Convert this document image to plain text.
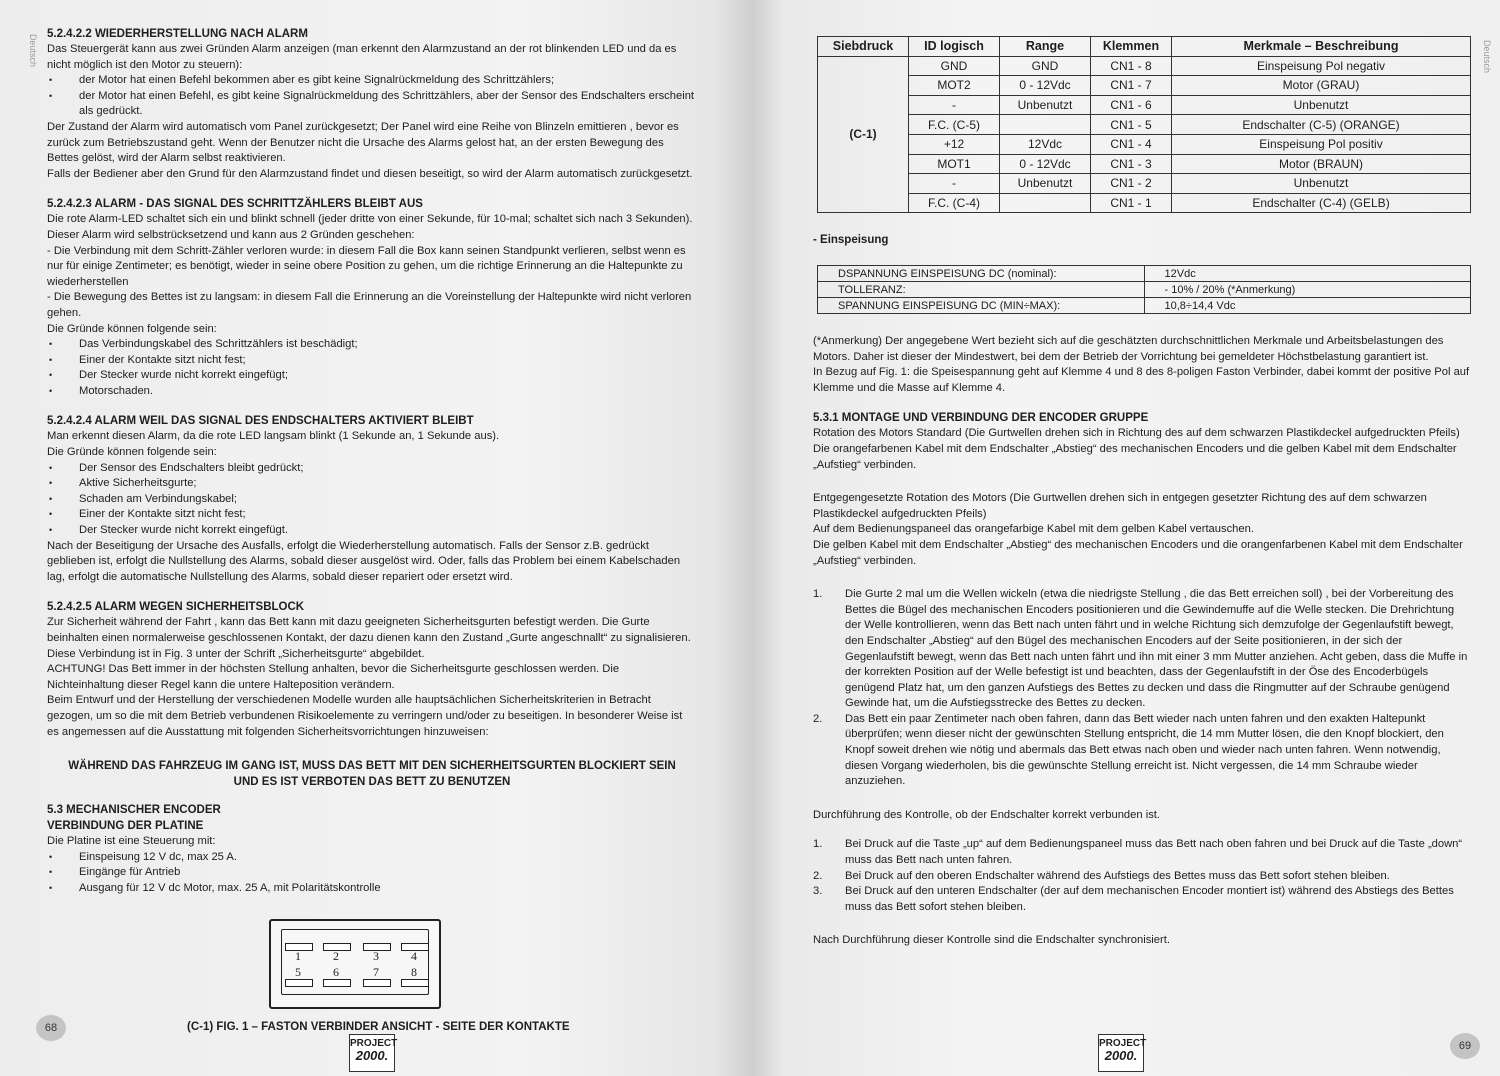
Deutsch 5.2.4.2.2 WIEDERHERSTELLUNG NACH ALARM

Das Steuergerät kann aus zwei Gründen Alarm anzeigen (man erkennt den Alarmzustand an der rot blinkenden LED und da es nicht möglich ist den Motor zu steuern):

• der Motor hat einen Befehl bekommen aber es gibt keine Signalrückmeldung des Schrittzählers;
• der Motor hat einen Befehl, es gibt keine Signalrückmeldung des Schrittzählers, aber der Sensor des Endschalters erscheint als gedrückt.

Der Zustand der Alarm wird automatisch vom Panel zurückgesetzt; Der Panel wird eine Reihe von Blinzeln emittieren , bevor es zurück zum Betriebszustand geht. Wenn der Benutzer nicht die Ursache des Alarms gelost hat, an der ersten Bewegung des Bettes gelöst, wird der Alarm selbst reaktivieren.

Falls der Bediener aber den Grund für den Alarmzustand findet und diesen beseitigt, so wird der Alarm automatisch zurückgesetzt.

5.2.4.2.3 ALARM - DAS SIGNAL DES SCHRITTZÄHLERS BLEIBT AUS

Die rote Alarm-LED schaltet sich ein und blinkt schnell (jeder dritte von einer Sekunde, für 10-mal; schaltet sich nach 3 Sekunden).

Dieser Alarm wird selbstrücksetzend und kann aus 2 Gründen geschehen:

- Die Verbindung mit dem Schritt-Zähler verloren wurde: in diesem Fall die Box kann seinen Standpunkt verlieren, selbst wenn es nur für einige Zentimeter; es benötigt, wieder in seine obere Position zu gehen, um die richtige Erinnerung an die Haltepunkte zu wiederherstellen

- Die Bewegung des Bettes ist zu langsam: in diesem Fall die Erinnerung an die Voreinstellung der Haltepunkte wird nicht verloren gehen.

Die Gründe können folgende sein:

• Das Verbindungskabel des Schrittzählers ist beschädigt;
• Einer der Kontakte sitzt nicht fest;
• Der Stecker wurde nicht korrekt eingefügt;
• Motorschaden.
5.2.4.2.4 ALARM WEIL DAS SIGNAL DES ENDSCHALTERS AKTIVIERT BLEIBT

Man erkennt diesen Alarm, da die rote LED langsam blinkt (1 Sekunde an, 1 Sekunde aus).

Die Gründe können folgende sein:

• Der Sensor des Endschalters bleibt gedrückt;
• Aktive Sicherheitsgurte;
• Schaden am Verbindungskabel;
• Einer der Kontakte sitzt nicht fest;
• Der Stecker wurde nicht korrekt eingefügt.

Nach der Beseitigung der Ursache des Ausfalls, erfolgt die Wiederherstellung automatisch. Falls der Sensor z.B. gedrückt geblieben ist, erfolgt die Nullstellung des Alarms, sobald dieser ausgelöst wird. Oder, falls das Problem bei einem Kabelschaden lag, erfolgt die automatische Nullstellung des Alarms, sobald dieser repariert oder ersetzt wird.

5.2.4.2.5 ALARM WEGEN SICHERHEITSBLOCK

Zur Sicherheit während der Fahrt , kann das Bett kann mit dazu geeigneten Sicherheitsgurten befestigt werden. Die Gurte beinhalten einen normalerweise geschlossenen Kontakt, der dazu dienen kann den Zustand „Gurte angeschnallt“ zu signalisieren. Diese Verbindung ist in Fig. 3 unter der Schrift „Sicherheitsgurte“ abgebildet.

ACHTUNG! Das Bett immer in der höchsten Stellung anhalten, bevor die Sicherheitsgurte geschlossen werden. Die Nichteinhaltung dieser Regel kann die untere Halteposition verändern.

Beim Entwurf und der Herstellung der verschiedenen Modelle wurden alle hauptsächlichen Sicherheitskriterien in Betracht gezogen, um so die mit dem Betrieb verbundenen Risikoelemente zu verringern und/oder zu beseitigen. In besonderer Weise ist es angemessen auf die Ausstattung mit folgenden Sicherheitsvorrichtungen hinzuweisen:

WÄHREND DAS FAHRZEUG IM GANG IST, MUSS DAS BETT MIT DEN SICHERHEITSGURTEN BLOCKIERT SEIN
UND ES IST VERBOTEN DAS BETT ZU BENUTZEN
5.3 MECHANISCHER ENCODER
VERBINDUNG DER PLATINE

Die Platine ist eine Steuerung mit:

• Einspeisung 12 V dc, max 25 A.
• Eingänge für Antrieb
• Ausgang für 12 V dc Motor, max. 25 A, mit Polaritätskontrolle
1	2	3	4
5	6	7	8
(C-1) FIG. 1 – FASTON VERBINDER ANSICHT - SEITE DER KONTAKTE
68
PROJECT
2000.
Deutsch
69
PROJECT
2000.
Siebdruck	ID logisch	Range	Klemmen	Merkmale – Beschreibung
(C-1)	GND	GND	CN1 - 8	Einspeisung Pol negativ
	MOT2	0 - 12Vdc	CN1 - 7	Motor (GRAU)
	-	Unbenutzt	CN1 - 6	Unbenutzt
	F.C. (C-5)		CN1 - 5	Endschalter (C-5) (ORANGE)
	+12	12Vdc	CN1 - 4	Einspeisung Pol positiv
	MOT1	0 - 12Vdc	CN1 - 3	Motor (BRAUN)
	-	Unbenutzt	CN1 - 2	Unbenutzt
	F.C. (C-4)		CN1 - 1	Endschalter (C-4) (GELB)
DSPANNUNG EINSPEISUNG DC (nominal):	12Vdc
TOLLERANZ:	- 10% / 20% (*Anmerkung)
SPANNUNG EINSPEISUNG DC (MIN÷MAX):	10,8÷14,4 Vdc
- Einspeisung

(*Anmerkung) Der angegebene Wert bezieht sich auf die geschätzten durchschnittlichen Merkmale und Arbeitsbelastungen des Motors. Daher ist dieser der Mindestwert, bei dem der Betrieb der Vorrichtung bei gemeldeter Höchstbelastung garantiert ist.

In Bezug auf Fig. 1: die Speisespannung geht auf Klemme 4 und 8 des 8-poligen Faston Verbinder, dabei kommt der positive Pol auf Klemme und die Masse auf Klemme 4.

5.3.1 MONTAGE UND VERBINDUNG DER ENCODER GRUPPE

Rotation des Motors Standard (Die Gurtwellen drehen sich in Richtung des auf dem schwarzen Plastikdeckel aufgedruckten Pfeils)

Die orangefarbenen Kabel mit dem Endschalter „Abstieg“ des mechanischen Encoders und die gelben Kabel mit dem Endschalter „Aufstieg“ verbinden.

Entgegengesetzte Rotation des Motors (Die Gurtwellen drehen sich in entgegen gesetzter Richtung des auf dem schwarzen Plastikdeckel aufgedruckten Pfeils)

Auf dem Bedienungspaneel das orangefarbige Kabel mit dem gelben Kabel vertauschen.

Die gelben Kabel mit dem Endschalter „Abstieg“ des mechanischen Encoders und die orangenfarbenen Kabel mit dem Endschalter „Aufstieg“ verbinden.

1. Die Gurte 2 mal um die Wellen wickeln (etwa die niedrigste Stellung , die das Bett erreichen soll) , bei der Vorbereitung des Bettes die Bügel des mechanischen Encoders positionieren und die Gewindemuffe auf die Welle stecken. Die Drehrichtung der Welle kontrollieren, wenn das Bett nach unten fährt und in welche Richtung sich demzufolge der Gegenlaufstift bewegt, den Endschalter „Abstieg“ auf den Bügel des mechanischen Encoders auf der Seite positionieren, in der sich der Gegenlaufstift bewegt, wenn das Bett nach unten fährt und ihn mit einer 3 mm Mutter anziehen. Acht geben, dass die Muffe in der korrekten Position auf der Welle befestigt ist und beachten, dass der Gegenlaufstift in der Öse des Encoderbügels genügend Platz hat, um den ganzen Aufstiegs des Bettes zu decken und dass die Ringmutter auf der Schraube genügend Gewinde hat, um die Aufstiegsstrecke des Bettes zu decken.
2. Das Bett ein paar Zentimeter nach oben fahren, dann das Bett wieder nach unten fahren und den exakten Haltepunkt überprüfen; wenn dieser nicht der gewünschten Stellung entspricht, die 14 mm Mutter lösen, die den Knopf blockiert, den Knopf soweit drehen wie nötig und abermals das Bett etwas nach oben und wieder nach unten fahren. Wenn notwendig, diesen Vorgang wiederholen, bis die gewünschte Stellung erreicht ist. Nicht vergessen, die 14 mm Schraube wieder anzuziehen.

Durchführung des Kontrolle, ob der Endschalter korrekt verbunden ist.

1. Bei Druck auf die Taste „up“ auf dem Bedienungspaneel muss das Bett nach oben fahren und bei Druck auf die Taste „down“ muss das Bett nach unten fahren.
2. Bei Druck auf den oberen Endschalter während des Aufstiegs des Bettes muss das Bett sofort stehen bleiben.
3. Bei Druck auf den unteren Endschalter (der auf dem mechanischen Encoder montiert ist) während des Abstiegs des Bettes muss das Bett sofort stehen bleiben.

Nach Durchführung dieser Kontrolle sind die Endschalter synchronisiert.
